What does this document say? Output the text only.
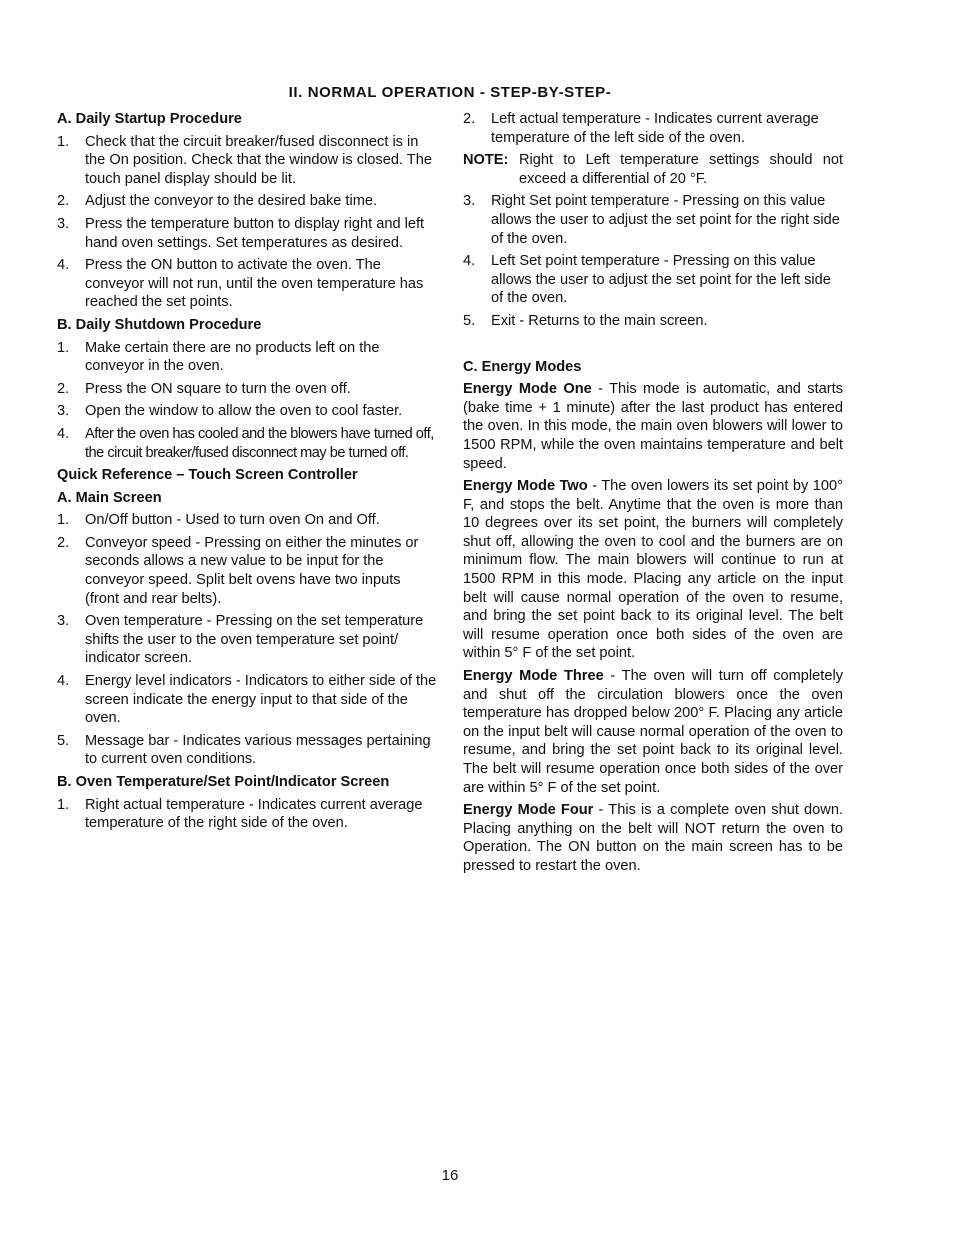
II. NORMAL OPERATION - STEP-BY-STEP-
A. Daily Startup Procedure
1.	Check that the circuit breaker/fused disconnect is in the On position. Check that the window is closed. The touch panel display should be lit.
2.	Adjust the conveyor to the desired bake time.
3.	Press the temperature button to display right and left hand oven settings. Set temperatures as desired.
4.	Press the ON button to activate the oven. The conveyor will not run, until the oven temperature has reached the set points.
B. Daily Shutdown Procedure
1.	Make certain there are no products left on the conveyor in the oven.
2.	Press the ON square to turn the oven off.
3.	Open the window to allow the oven to cool faster.
4.	After the oven has cooled and the blowers have turned off, the circuit breaker/fused disconnect may be turned off.
Quick Reference – Touch Screen Controller
A. Main Screen
1.	On/Off button - Used to turn oven On and Off.
2.	Conveyor speed - Pressing on either the minutes or seconds allows a new value to be input for the conveyor speed. Split belt ovens have two inputs (front and rear belts).
3.	Oven temperature - Pressing on the set temperature shifts the user to the oven temperature set point/ indicator screen.
4.	Energy level indicators - Indicators to either side of the screen indicate the energy input to that side of the oven.
5.	Message bar - Indicates various messages pertaining to current oven conditions.
B. Oven Temperature/Set Point/Indicator Screen
1.	Right actual temperature - Indicates current average temperature of the right side of the oven.
2.	Left actual temperature - Indicates current average temperature of the left side of the oven.
NOTE: Right to Left temperature settings should not exceed a differential of 20 °F.
3.	Right Set point temperature - Pressing on this value allows the user to adjust the set point for the right side of the oven.
4.	Left Set point temperature - Pressing on this value allows the user to adjust the set point for the left side of the oven.
5.	Exit - Returns to the main screen.
C. Energy Modes
Energy Mode One - This mode is automatic, and starts (bake time + 1 minute) after the last product has entered the oven. In this mode, the main oven blowers will lower to 1500 RPM, while the oven maintains temperature and belt speed.
Energy Mode Two - The oven lowers its set point by 100° F, and stops the belt. Anytime that the oven is more than 10 degrees over its set point, the burners will completely shut off, allowing the oven to cool and the burners are on minimum flow. The main blowers will continue to run at 1500 RPM in this mode. Placing any article on the input belt will cause normal operation of the oven to resume, and bring the set point back to its original level. The belt will resume operation once both sides of the oven are within 5° F of the set point.
Energy Mode Three - The oven will turn off completely and shut off the circulation blowers once the oven temperature has dropped below 200° F. Placing any article on the input belt will cause normal operation of the oven to resume, and bring the set point back to its original level. The belt will resume operation once both sides of the over are within 5° F of the set point.
Energy Mode Four - This is a complete oven shut down. Placing anything on the belt will NOT return the oven to Operation. The ON button on the main screen has to be pressed to restart the oven.
16
